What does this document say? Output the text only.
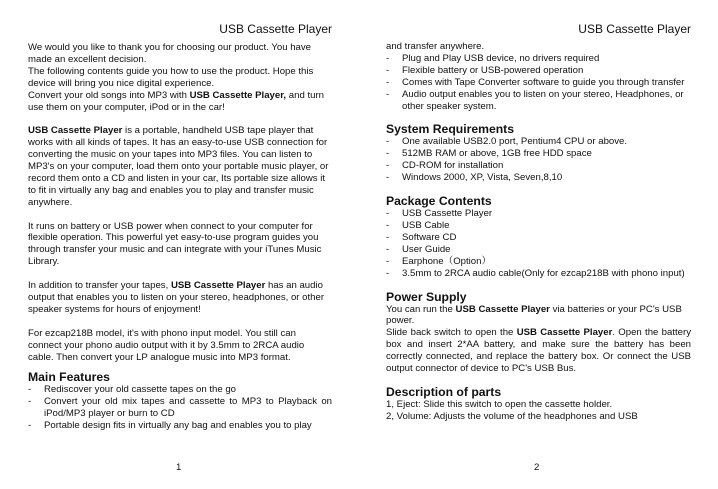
USB Cassette Player

We would you like to thank you for choosing our product. You have made an excellent decision.

The following contents guide you how to use the product. Hope this device will bring you nice digital experience.

Convert your old songs into MP3 with USB Cassette Player, and turn use them on your computer, iPod or in the car!

USB Cassette Player is a portable, handheld USB tape player that works with all kinds of tapes. It has an easy-to-use USB connection for converting the music on your tapes into MP3 files. You can listen to MP3's on your computer, load them onto your portable music player, or record them onto a CD and listen in your car, Its portable size allows it to fit in virtually any bag and enables you to play and transfer music anywhere.

It runs on battery or USB power when connect to your computer for flexible operation. This powerful yet easy-to-use program guides you through transfer your music and can integrate with your iTunes Music Library.

In addition to transfer your tapes, USB Cassette Player has an audio output that enables you to listen on your stereo, headphones, or other speaker systems for hours of enjoyment!

For ezcap218B model, it's with phono input model. You still can connect your phono audio output with it by 3.5mm to 2RCA audio cable. Then convert your LP analogue music into MP3 format.

Main Features
- Rediscover your old cassette tapes on the go
- Convert your old mix tapes and cassette to MP3 to Playback on iPod/MP3 player or burn to CD
- Portable design fits in virtually any bag and enables you to play
1
USB Cassette Player

and transfer anywhere.

- Plug and Play USB device, no drivers required
- Flexible battery or USB-powered operation
- Comes with Tape Converter software to guide you through transfer
- Audio output enables you to listen on your stereo, Headphones, or other speaker system.
System Requirements
- One available USB2.0 port, Pentium4 CPU or above.
- 512MB RAM or above, 1GB free HDD space
- CD-ROM for installation
- Windows 2000, XP, Vista, Seven,8,10
Package Contents
- USB Cassette Player
- USB Cable
- Software CD
- User Guide
- Earphone（Option）
- 3.5mm to 2RCA audio cable(Only for ezcap218B with phono input)
Power Supply

You can run the USB Cassette Player via batteries or your PC's USB power.

Slide back switch to open the USB Cassette Player. Open the battery box and insert 2*AA battery, and make sure the battery has been correctly connected, and replace the battery box. Or connect the USB output connector of device to PC's USB Bus.

Description of parts

1, Eject: Slide this switch to open the cassette holder.

2, Volume: Adjusts the volume of the headphones and USB

2
